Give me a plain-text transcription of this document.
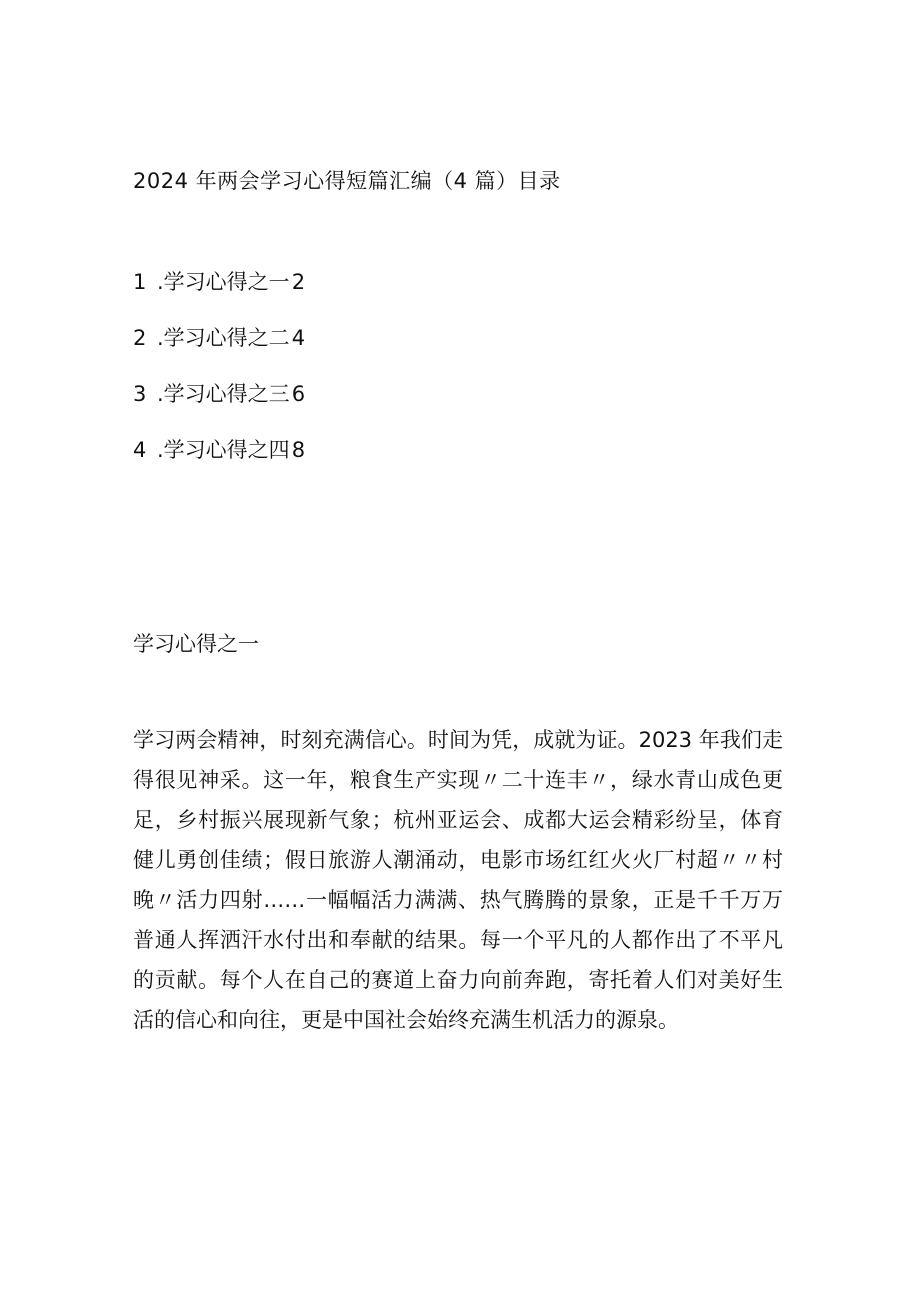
2024 年两会学习心得短篇汇编（4 篇）目录
1 .学习心得之一2
2 .学习心得之二4
3 .学习心得之三6
4 .学习心得之四8
学习心得之一

学习两会精神，时刻充满信心。时间为凭，成就为证。2023 年我们走得很见神采。这一年，粮食生产实现〃二十连丰〃，绿水青山成色更足，乡村振兴展现新气象；杭州亚运会、成都大运会精彩纷呈，体育健儿勇创佳绩；假日旅游人潮涌动，电影市场红红火火厂村超〃〃村晚〃活力四射……一幅幅活力满满、热气腾腾的景象，正是千千万万普通人挥洒汗水付出和奉献的结果。每一个平凡的人都作出了不平凡的贡献。每个人在自己的赛道上奋力向前奔跑，寄托着人们对美好生活的信心和向往，更是中国社会始终充满生机活力的源泉。
